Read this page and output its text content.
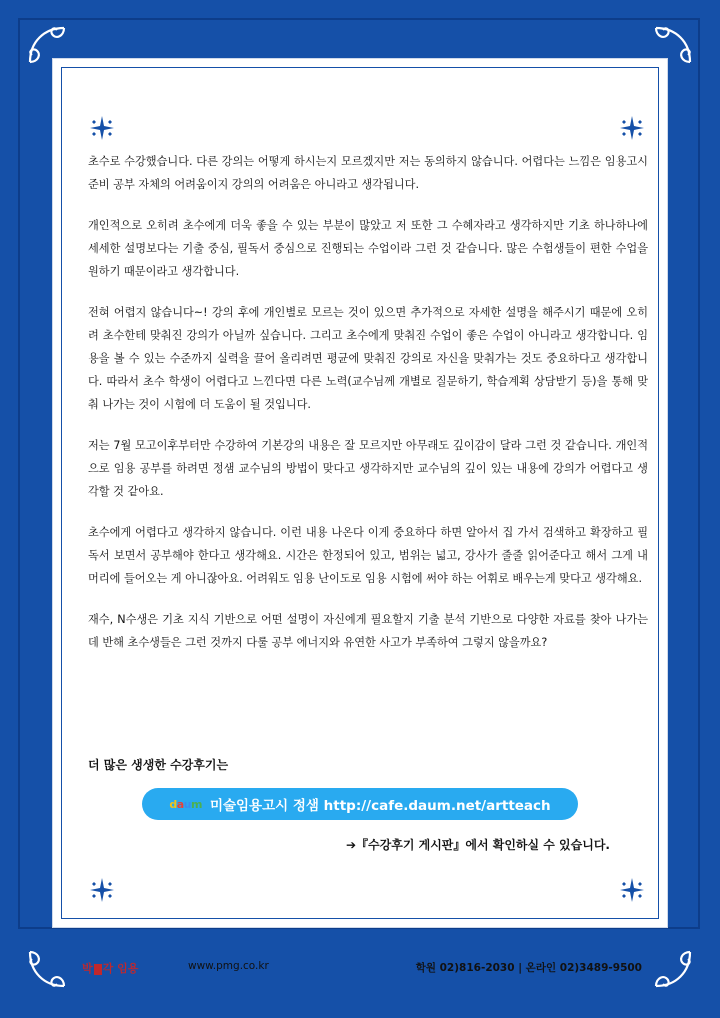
초수로 수강했습니다. 다른 강의는 어떻게 하시는지 모르겠지만 저는 동의하지 않습니다. 어렵다는 느낌은 임용고시 준비 공부 자체의 어려움이지 강의의 어려움은 아니라고 생각됩니다.

개인적으로 오히려 초수에게 더욱 좋을 수 있는 부분이 많았고 저 또한 그 수혜자라고 생각하지만 기초 하나하나에 세세한 설명보다는 기출 중심, 필독서 중심으로 진행되는 수업이라 그런 것 같습니다. 많은 수험생들이 편한 수업을 원하기 때문이라고 생각합니다.

전혀 어렵지 않습니다~! 강의 후에 개인별로 모르는 것이 있으면 추가적으로 자세한 설명을 해주시기 때문에 오히려 초수한테 맞춰진 강의가 아닐까 싶습니다. 그리고 초수에게 맞춰진 수업이 좋은 수업이 아니라고 생각합니다. 임용을 볼 수 있는 수준까지 실력을 끌어 올리려면 평균에 맞춰진 강의로 자신을 맞춰가는 것도 중요하다고 생각합니다. 따라서 초수 학생이 어렵다고 느낀다면 다른 노력(교수님께 개별로 질문하기, 학습계획 상담받기 등)을 통해 맞춰 나가는 것이 시험에 더 도움이 될 것입니다.

저는 7월 모고이후부터만 수강하여 기본강의 내용은 잘 모르지만 아무래도 깊이감이 달라 그런 것 같습니다. 개인적으로 임용 공부를 하려면 정샘 교수님의 방법이 맞다고 생각하지만 교수님의 깊이 있는 내용에 강의가 어렵다고 생각할 것 같아요.

초수에게 어렵다고 생각하지 않습니다. 이런 내용 나온다 이게 중요하다 하면 알아서 집 가서 검색하고 확장하고 필독서 보면서 공부해야 한다고 생각해요. 시간은 한정되어 있고, 범위는 넓고, 강사가 줄줄 읽어준다고 해서 그게 내 머리에 들어오는 게 아니잖아요. 어려워도 임용 난이도로 임용 시험에 써야 하는 어휘로 배우는게 맞다고 생각해요.

재수, N수생은 기초 지식 기반으로 어떤 설명이 자신에게 필요할지 기출 분석 기반으로 다양한 자료를 찾아 나가는데 반해 초수생들은 그런 것까지 다룰 공부 에너지와 유연한 사고가 부족하여 그렇지 않을까요?

더 많은 생생한 수강후기는
daum 미술임용고시 정샘 http://cafe.daum.net/artteach
➔『수강후기 게시판』에서 확인하실 수 있습니다.
박 각 임용	www.pmg.co.kr	학원 02)816-2030 | 온라인 02)3489-9500
